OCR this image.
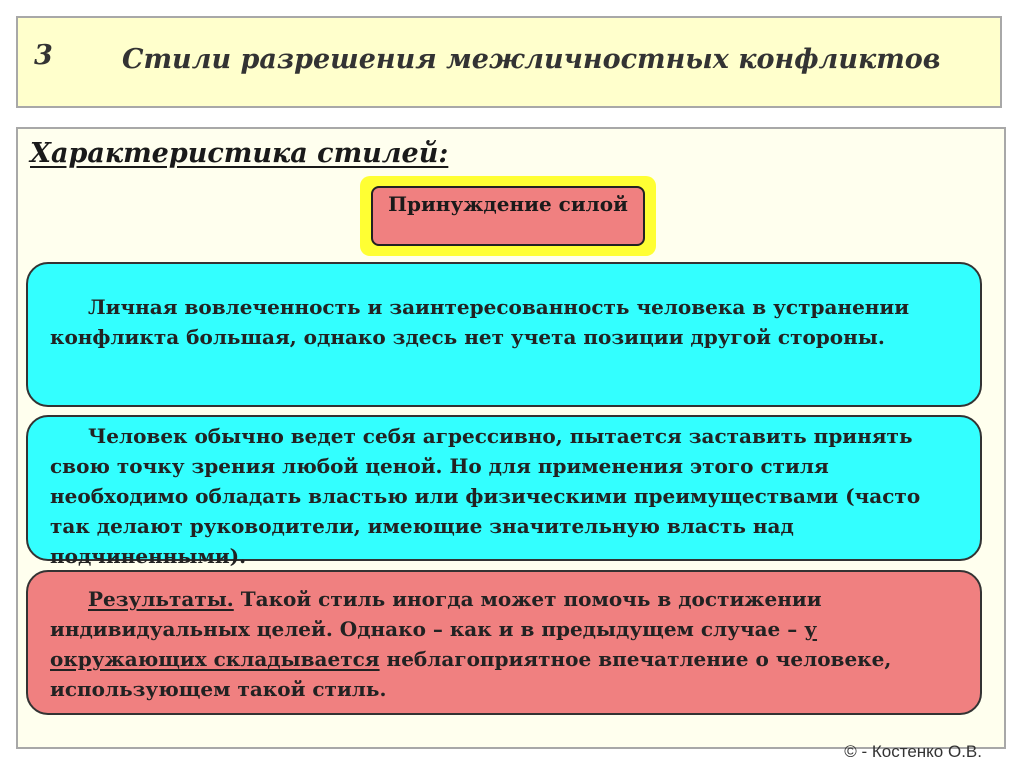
3	Стили разрешения межличностных конфликтов
Характеристика стилей:
Принуждение силой
Личная вовлеченность и заинтересованность человека в устранении конфликта большая, однако здесь нет учета позиции другой стороны.
Человек обычно ведет себя агрессивно, пытается заставить принять свою точку зрения любой ценой. Но для применения этого стиля необходимо обладать властью или физическими преимуществами (часто так делают руководители, имеющие значительную власть над подчиненными).
Результаты. Такой стиль иногда может помочь в достижении индивидуальных целей. Однако – как и в предыдущем случае – у окружающих складывается неблагоприятное впечатление о человеке, использующем такой стиль.
© - Костенко О.В.
